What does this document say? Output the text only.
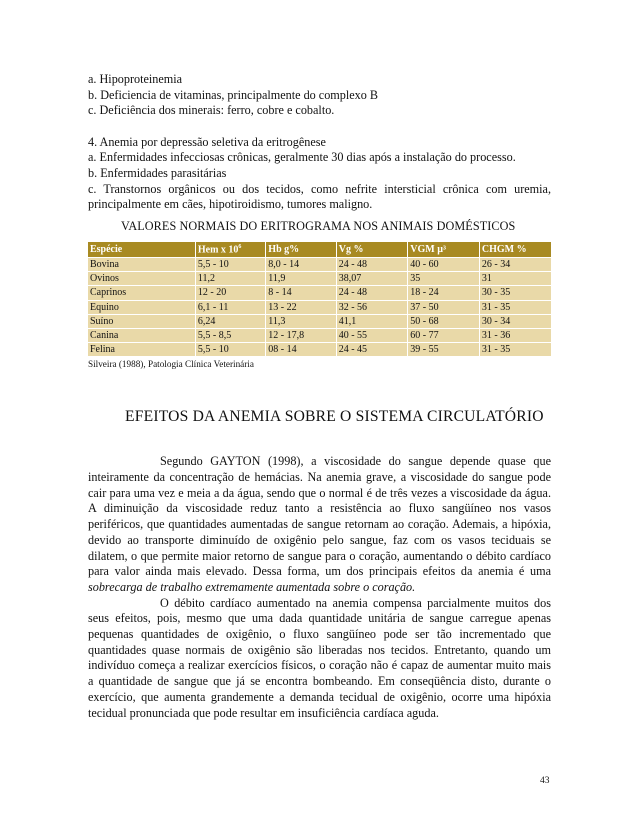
a. Hipoproteinemia
b. Deficiencia de vitaminas, principalmente do complexo B
c. Deficiência dos minerais: ferro, cobre e cobalto.
4. Anemia por depressão seletiva da eritrogênese
a. Enfermidades infecciosas crônicas, geralmente 30 dias após a instalação do processo.
b. Enfermidades parasitárias
c. Transtornos orgânicos ou dos tecidos, como nefrite intersticial crônica com uremia, principalmente em cães, hipotiroidismo, tumores maligno.
VALORES NORMAIS DO ERITROGRAMA NOS ANIMAIS DOMÉSTICOS
Espécie	Hem x $10^6$	Hb g%	Vg %	VGM µ³	CHGM %
Bovina	5,5 - 10	8,0 - 14	24 - 48	40 - 60	26 - 34
Ovinos	11,2	11,9	38,07	35	31
Caprinos	12 - 20	8 - 14	24 - 48	18 - 24	30 - 35
Equino	6,1 - 11	13 - 22	32 - 56	37 - 50	31 - 35
Suíno	6,24	11,3	41,1	50 - 68	30 - 34
Canina	5,5 - 8,5	12 - 17,8	40 - 55	60 - 77	31 - 36
Felina	5,5 - 10	08 - 14	24 - 45	39 - 55	31 - 35
Silveira (1988), Patologia Clínica Veterinária
EFEITOS DA ANEMIA SOBRE O SISTEMA CIRCULATÓRIO

Segundo GAYTON (1998), a viscosidade do sangue depende quase que inteiramente da concentração de hemácias. Na anemia grave, a viscosidade do sangue pode cair para uma vez e meia a da água, sendo que o normal é de três vezes a viscosidade da água. A diminuição da viscosidade reduz tanto a resistência ao fluxo sangüíneo nos vasos periféricos, que quantidades aumentadas de sangue retornam ao coração. Ademais, a hipóxia, devido ao transporte diminuído de oxigênio pelo sangue, faz com os vasos teciduais se dilatem, o que permite maior retorno de sangue para o coração, aumentando o débito cardíaco para valor ainda mais elevado. Dessa forma, um dos principais efeitos da anemia é uma sobrecarga de trabalho extremamente aumentada sobre o coração.

O débito cardíaco aumentado na anemia compensa parcialmente muitos dos seus efeitos, pois, mesmo que uma dada quantidade unitária de sangue carregue apenas pequenas quantidades de oxigênio, o fluxo sangüíneo pode ser tão incrementado que quantidades quase normais de oxigênio são liberadas nos tecidos. Entretanto, quando um indivíduo começa a realizar exercícios físicos, o coração não é capaz de aumentar muito mais a quantidade de sangue que já se encontra bombeando. Em conseqüência disto, durante o exercício, que aumenta grandemente a demanda tecidual de oxigênio, ocorre uma hipóxia tecidual pronunciada que pode resultar em insuficiência cardíaca aguda.

43
